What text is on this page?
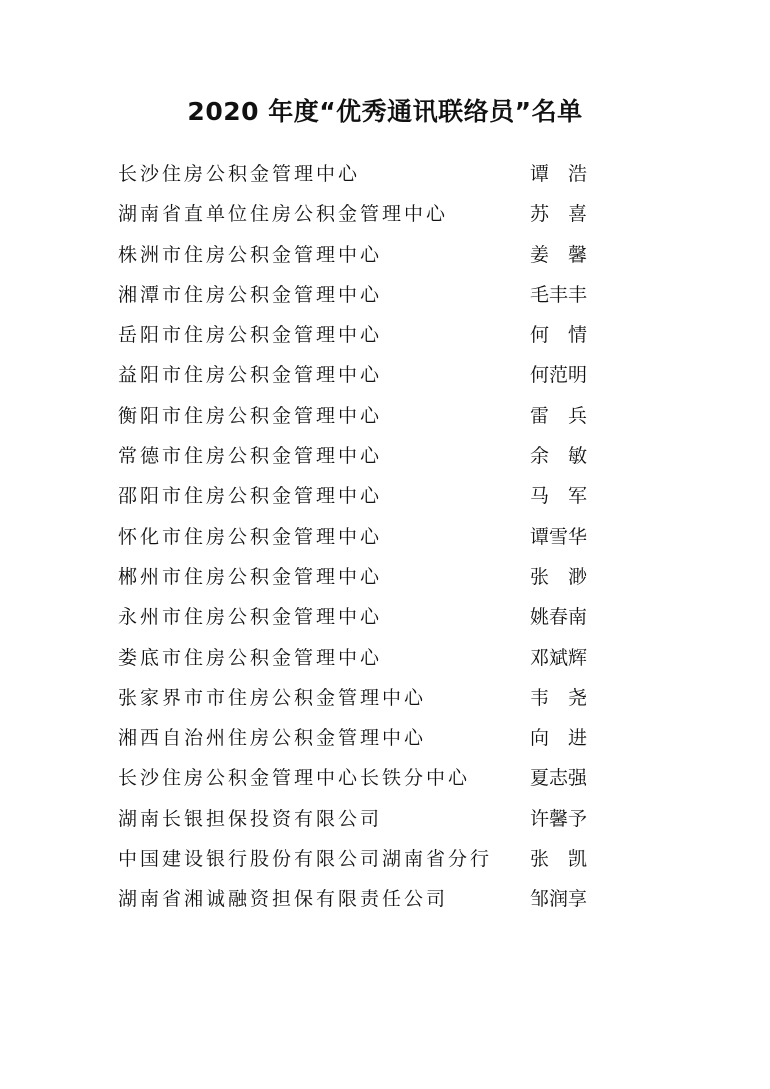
2020 年度“优秀通讯联络员”名单
长沙住房公积金管理中心	谭　浩
湖南省直单位住房公积金管理中心	苏　喜
株洲市住房公积金管理中心	姜　馨
湘潭市住房公积金管理中心	毛丰丰
岳阳市住房公积金管理中心	何　情
益阳市住房公积金管理中心	何范明
衡阳市住房公积金管理中心	雷　兵
常德市住房公积金管理中心	余　敏
邵阳市住房公积金管理中心	马　军
怀化市住房公积金管理中心	谭雪华
郴州市住房公积金管理中心	张　渺
永州市住房公积金管理中心	姚春南
娄底市住房公积金管理中心	邓斌辉
张家界市市住房公积金管理中心	韦　尧
湘西自治州住房公积金管理中心	向　进
长沙住房公积金管理中心长铁分中心	夏志强
湖南长银担保投资有限公司	许馨予
中国建设银行股份有限公司湖南省分行 张　凯
湖南省湘诚融资担保有限责任公司	邹润享
